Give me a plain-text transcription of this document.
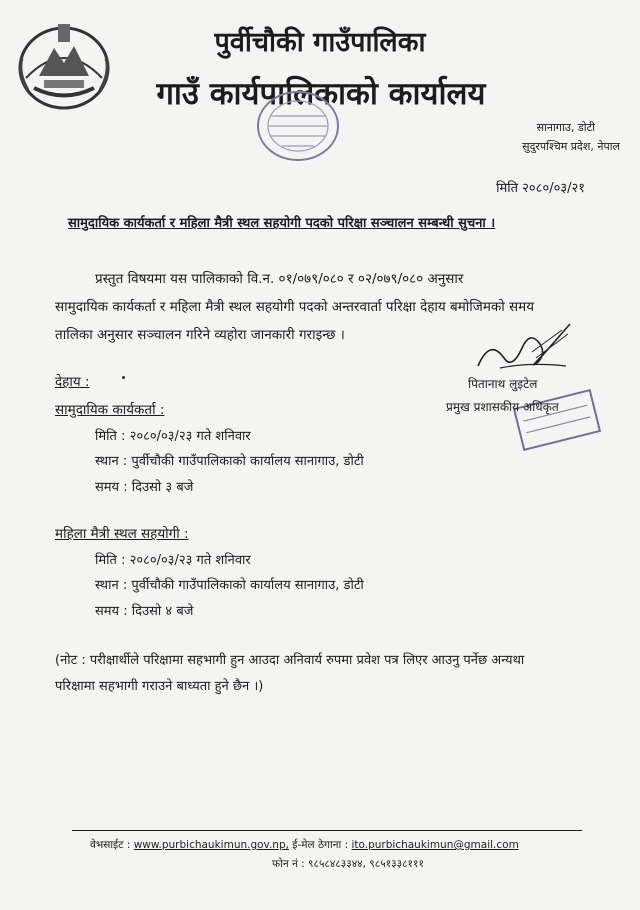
पुर्वीचौकी गाउँपालिका
गाउँ कार्यपालिकाको कार्यालय
सानागाउ, डोटी
सुदुरपश्चिम प्रदेश, नेपाल
मिति २०८०/०३/२१
सामुदायिक कार्यकर्ता र महिला मैत्री स्थल सहयोगी पदको परिक्षा सञ्चालन सम्बन्धी सुचना ।
प्रस्तुत विषयमा यस पालिकाको वि.न. ०१/०७९/०८० र ०२/०७९/०८० अनुसार
सामुदायिक कार्यकर्ता र महिला मैत्री स्थल सहयोगी पदको अन्तरवार्ता परिक्षा देहाय बमोजिमको समय
तालिका अनुसार सञ्चालन गरिने व्यहोरा जानकारी गराइन्छ ।
पितानाथ लुइटेल
प्रमुख प्रशासकीय अधिकृत
देहाय :
सामुदायिक कार्यकर्ता :
मिति : २०८०/०३/२३ गते शनिवार
स्थान : पुर्वीचौकी गाउँपालिकाको कार्यालय सानागाउ, डोटी
समय : दिउसो ३ बजे
महिला मैत्री स्थल सहयोगी :
मिति : २०८०/०३/२३ गते शनिवार
स्थान : पुर्वीचौकी गाउँपालिकाको कार्यालय सानागाउ, डोटी
समय : दिउसो ४ बजे
(नोट : परीक्षार्थीले परिक्षामा सहभागी हुन आउदा अनिवार्य रुपमा प्रवेश पत्र लिएर आउनु पर्नेछ अन्यथा
परिक्षामा सहभागी गराउने बाध्यता हुने छैन ।)
वेभसाईट : www.purbichaukimun.gov.np, ई-मेल ठेगाना : ito.purbichaukimun@gmail.com
फोन नं : ९८५८४८३३४४, ९८५१३३८१११
